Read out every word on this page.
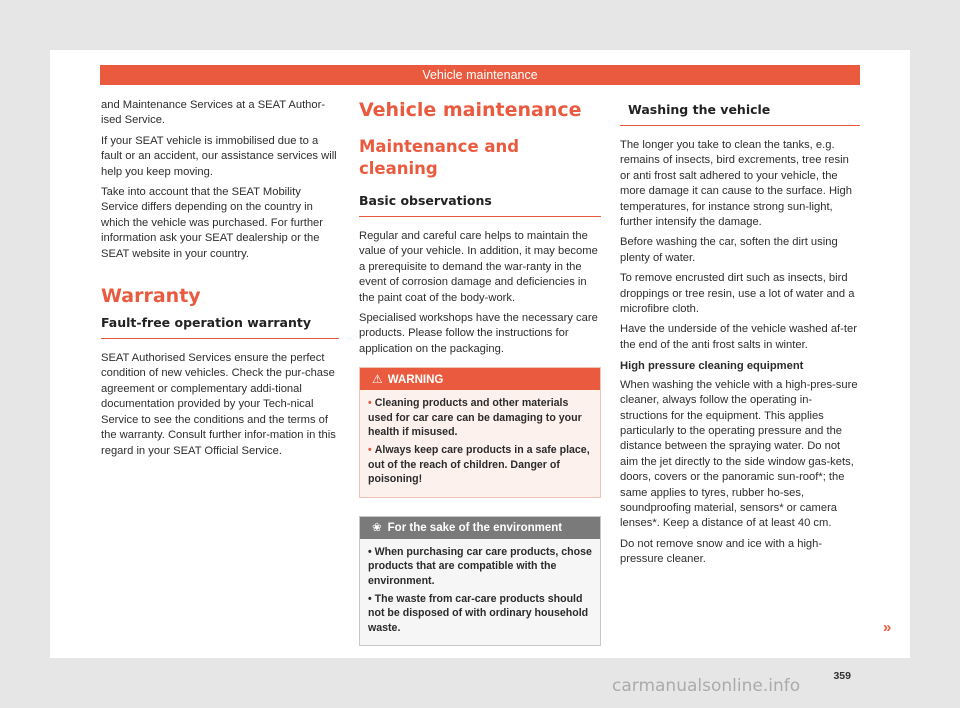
Vehicle maintenance

and Maintenance Services at a SEAT Author-ised Service.

If your SEAT vehicle is immobilised due to a fault or an accident, our assistance services will help you keep moving.

Take into account that the SEAT Mobility Service differs depending on the country in which the vehicle was purchased. For further information ask your SEAT dealership or the SEAT website in your country.

Warranty
Fault-free operation warranty

SEAT Authorised Services ensure the perfect condition of new vehicles. Check the pur-chase agreement or complementary addi-tional documentation provided by your Tech-nical Service to see the conditions and the terms of the warranty. Consult further infor-mation in this regard in your SEAT Official Service.

Vehicle maintenance
Maintenance and cleaning
Basic observations

Regular and careful care helps to maintain the value of your vehicle. In addition, it may become a prerequisite to demand the war-ranty in the event of corrosion damage and deficiencies in the paint coat of the body-work.

Specialised workshops have the necessary care products. Please follow the instructions for application on the packaging.

⚠ WARNING
• Cleaning products and other materials used for car care can be damaging to your health if misused.
• Always keep care products in a safe place, out of the reach of children. Danger of poisoning!
❀ For the sake of the environment
• When purchasing car care products, chose products that are compatible with the environment.
• The waste from car-care products should not be disposed of with ordinary household waste.
Washing the vehicle

The longer you take to clean the tanks, e.g. remains of insects, bird excrements, tree resin or anti frost salt adhered to your vehicle, the more damage it can cause to the surface. High temperatures, for instance strong sun-light, further intensify the damage.

Before washing the car, soften the dirt using plenty of water.

To remove encrusted dirt such as insects, bird droppings or tree resin, use a lot of water and a microfibre cloth.

Have the underside of the vehicle washed af-ter the end of the anti frost salts in winter.

High pressure cleaning equipment

When washing the vehicle with a high-pres-sure cleaner, always follow the operating in-structions for the equipment. This applies particularly to the operating pressure and the distance between the spraying water. Do not aim the jet directly to the side window gas-kets, doors, covers or the panoramic sun-roof*; the same applies to tyres, rubber ho-ses, soundproofing material, sensors* or camera lenses*. Keep a distance of at least 40 cm.

Do not remove snow and ice with a high-pressure cleaner.

»
359
carmanualsonline.info
